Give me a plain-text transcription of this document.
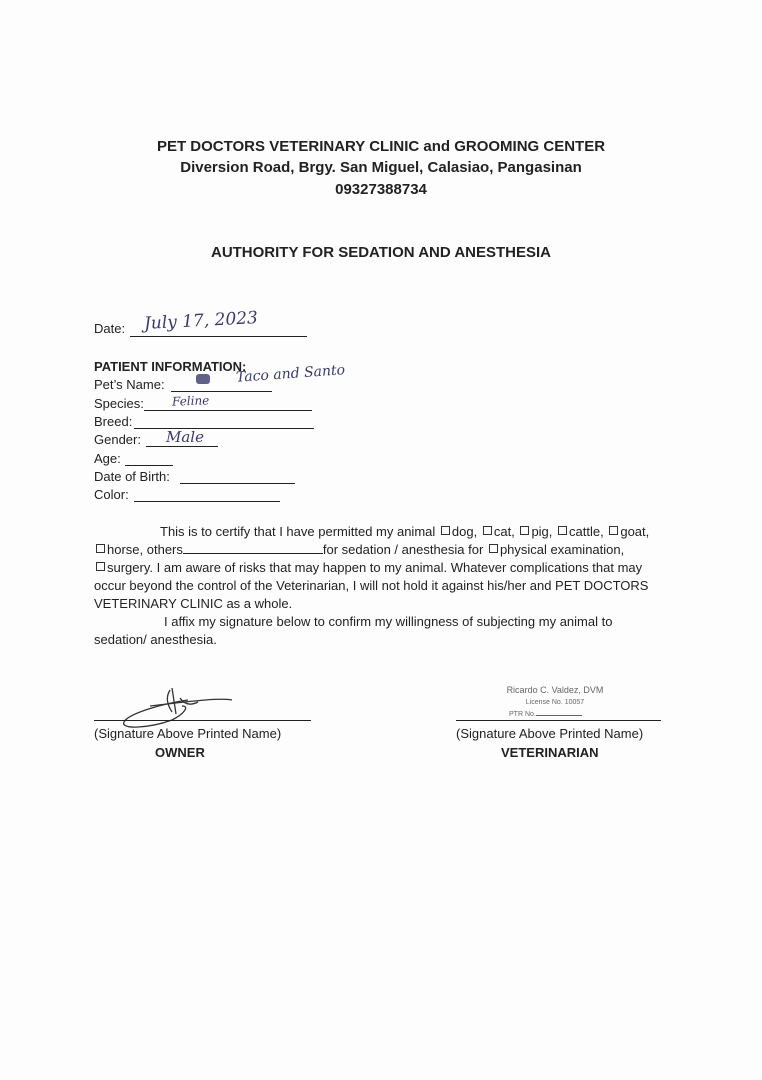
PET DOCTORS VETERINARY CLINIC and GROOMING CENTER
Diversion Road, Brgy. San Miguel, Calasiao, Pangasinan
09327388734
AUTHORITY FOR SEDATION AND ANESTHESIA
Date: July 17, 2023
PATIENT INFORMATION:
Pet’s Name:	Taco and Santo
Species: Feline
Breed:
Gender: Male
Age:
Date of Birth:
Color:
This is to certify that I have permitted my animal dog, cat, pig, cattle, goat,
horse, others	for sedation / anesthesia for physical examination,
surgery. I am aware of risks that may happen to my animal. Whatever complications that may
occur beyond the control of the Veterinarian, I will not hold it against his/her and PET DOCTORS
VETERINARY CLINIC as a whole.
I affix my signature below to confirm my willingness of subjecting my animal to
sedation/ anesthesia.
(Signature Above Printed Name)
OWNER
Ricardo C. Valdez, DVM
License No. 10057
PTR No.
(Signature Above Printed Name)
VETERINARIAN
